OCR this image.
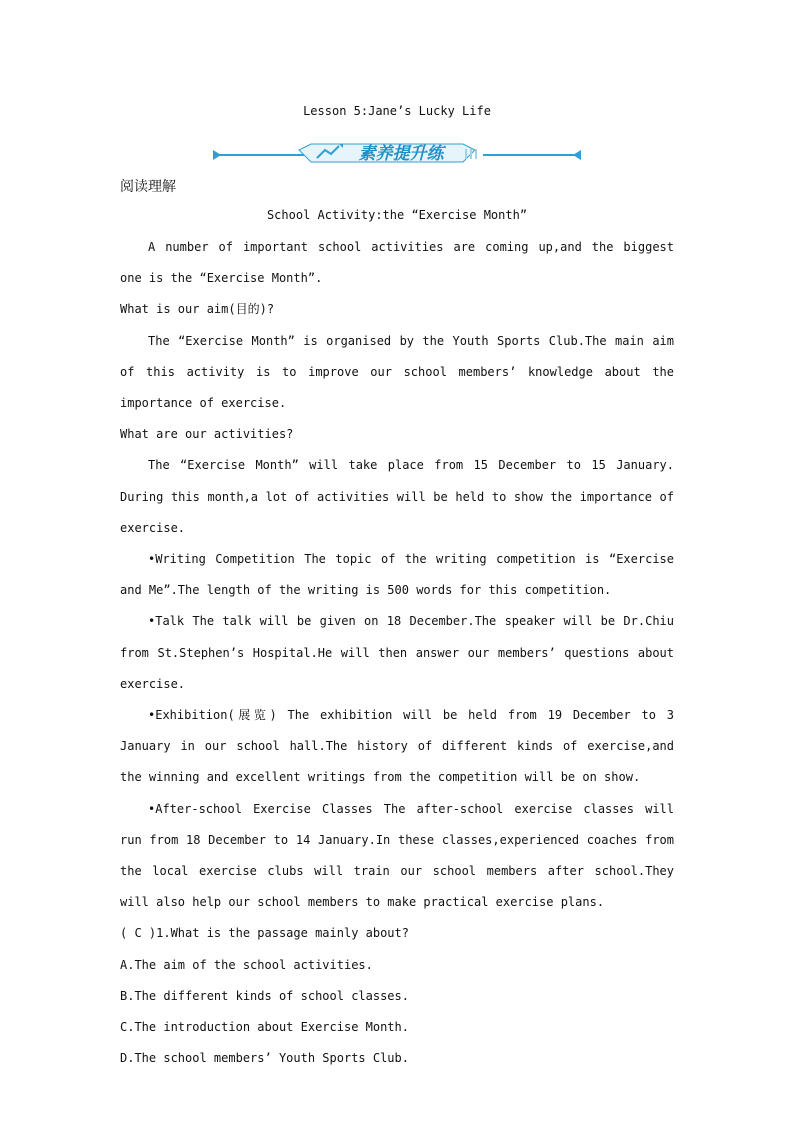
Lesson 5:Jane’s Lucky Life
素养提升练
阅读理解
School Activity:the “Exercise Month”

A number of important school activities are coming up,and the biggest one is the “Exercise Month”.

What is our aim(目的)?

The “Exercise Month” is organised by the Youth Sports Club.The main aim of this activity is to improve our school members’ knowledge about the importance of exercise.

What are our activities?

The “Exercise Month” will take place from 15 December to 15 January. During this month,a lot of activities will be held to show the importance of exercise.

•Writing Competition The topic of the writing competition is “Exercise and Me”.The length of the writing is 500 words for this competition.

•Talk The talk will be given on 18 December.The speaker will be Dr.Chiu from St.Stephen’s Hospital.He will then answer our members’ questions about exercise.

•Exhibition(展览) The exhibition will be held from 19 December to 3 January in our school hall.The history of different kinds of exercise,and the winning and excellent writings from the competition will be on show.

•After-school Exercise Classes The after-school exercise classes will run from 18 December to 14 January.In these classes,experienced coaches from the local exercise clubs will train our school members after school.They will also help our school members to make practical exercise plans.

( C )1.What is the passage mainly about?

A.The aim of the school activities.

B.The different kinds of school classes.

C.The introduction about Exercise Month.

D.The school members’ Youth Sports Club.
